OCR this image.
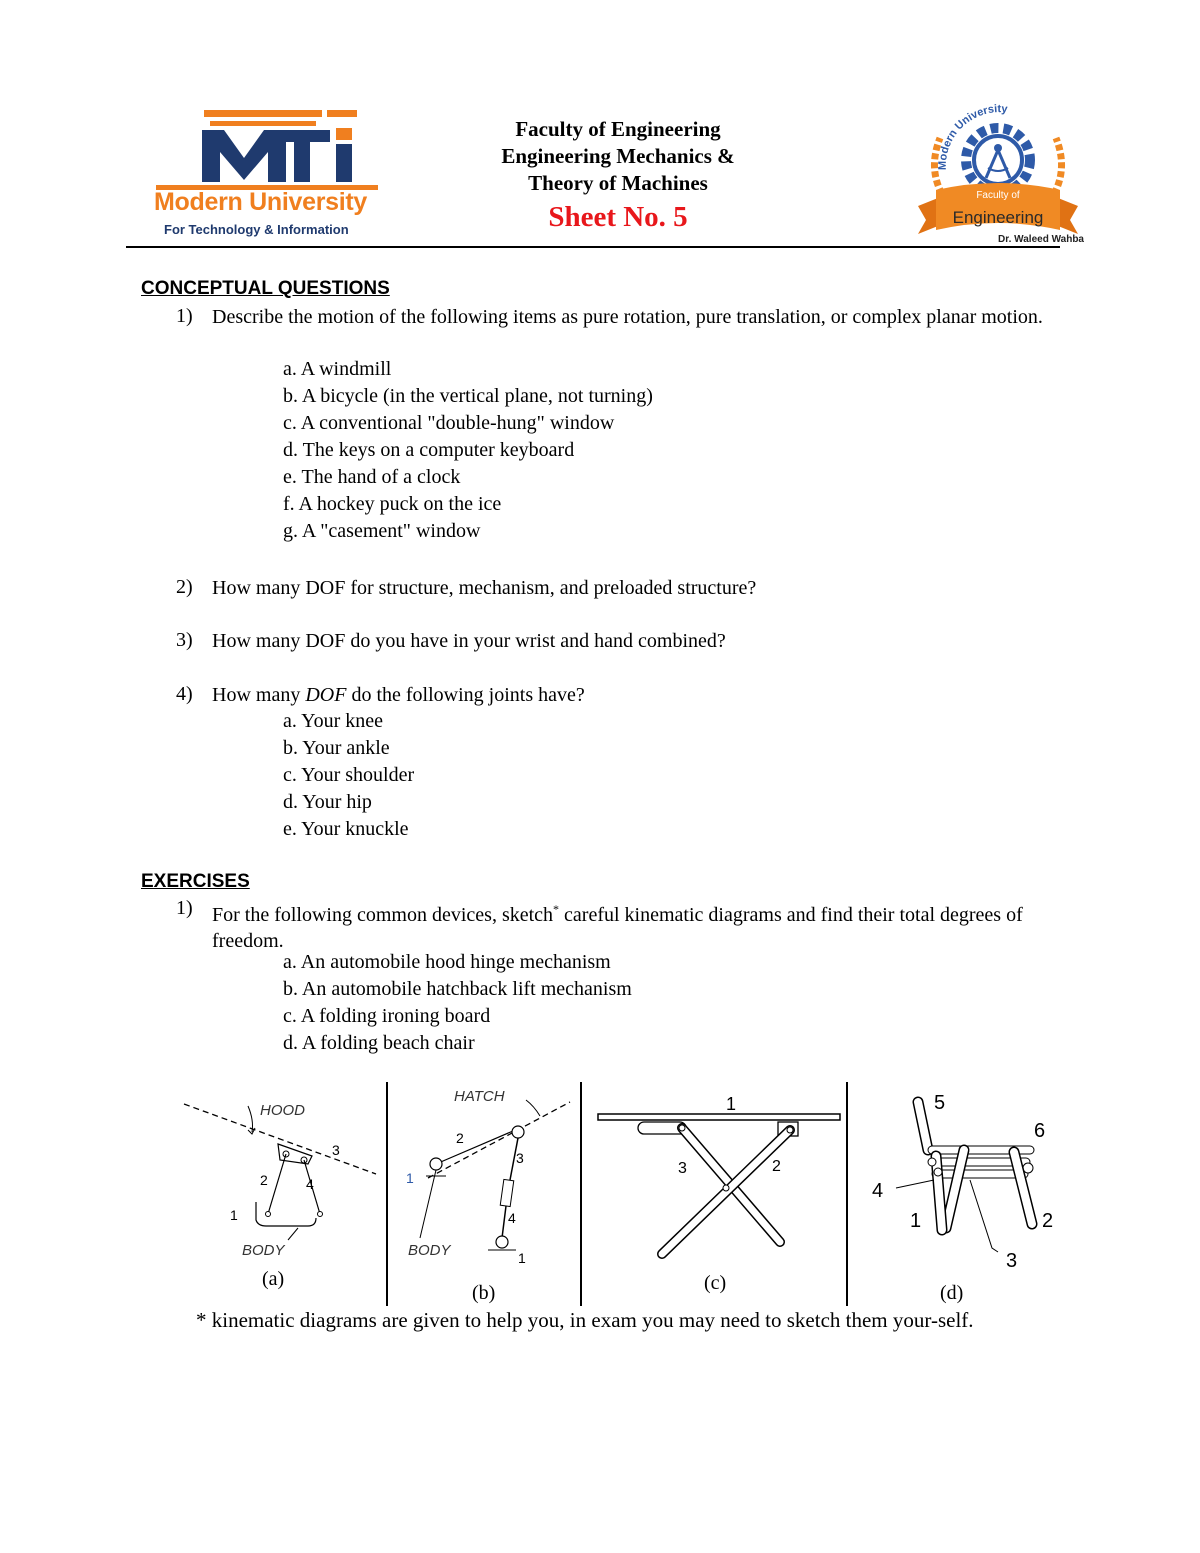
Modern University
For Technology & Information
Faculty of Engineering
Engineering Mechanics &
Theory of Machines
Sheet No. 5
Modern University
Faculty of
Engineering
Dr. Waleed Wahba
CONCEPTUAL QUESTIONS
1) Describe the motion of the following items as pure rotation, pure translation, or complex planar motion.
a. A windmill
b. A bicycle (in the vertical plane, not turning)
c. A conventional "double-hung" window
d. The keys on a computer keyboard
e. The hand of a clock
f. A hockey puck on the ice
g. A "casement" window
2) How many DOF for structure, mechanism, and preloaded structure?
3) How many DOF do you have in your wrist and hand combined?
4) How many DOF do the following joints have?
a. Your knee
b. Your ankle
c. Your shoulder
d. Your hip
e. Your knuckle
EXERCISES
1) For the following common devices, sketch* careful kinematic diagrams and find their total degrees of freedom.
a. An automobile hood hinge mechanism
b. An automobile hatchback lift mechanism
c. A folding ironing board
d. A folding beach chair
HOOD
BODY
1
2
3
4
(a)
HATCH
BODY
1
2
3
4
1
(b)
1
2
3
(c)
5
6
4
1	2
3
(d)
* kinematic diagrams are given to help you, in exam you may need to sketch them your-self.
